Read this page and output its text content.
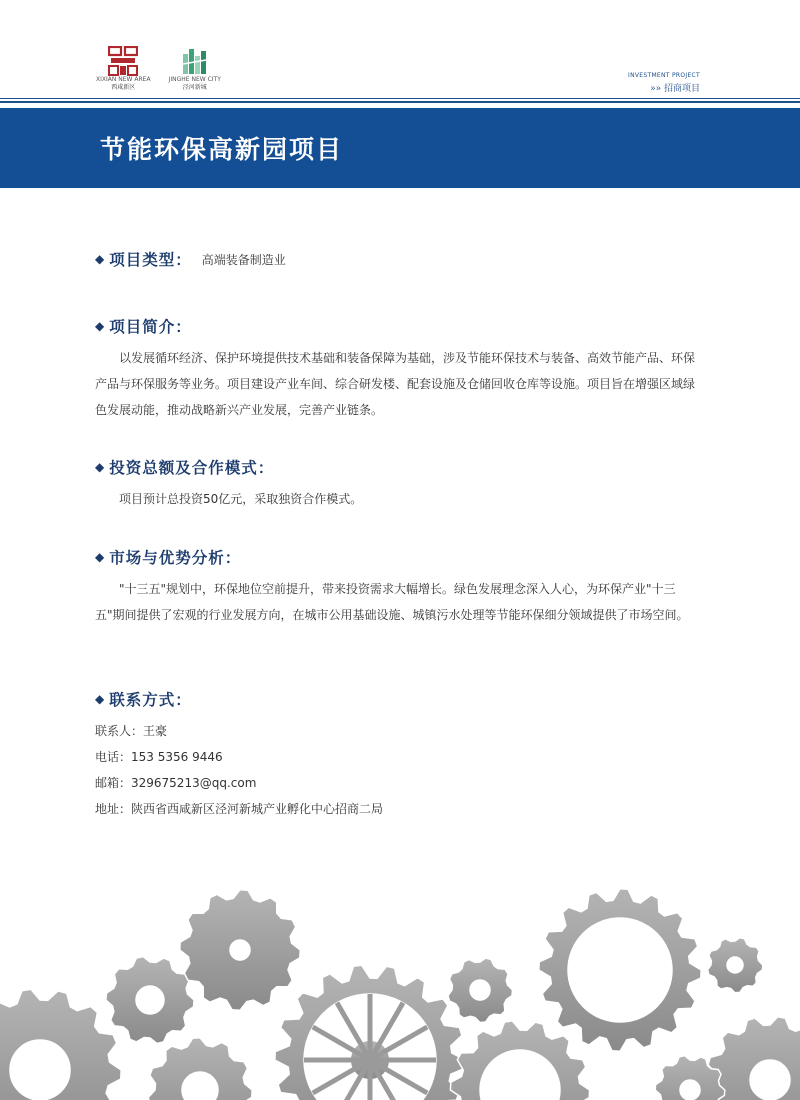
XIXIAN NEW AREA
西咸新区
JINGHE NEW CITY
泾河新城
INVESTMENT PROJECT
»» 招商项目
节能环保高新园项目
◆ 项目类型： 高端装备制造业
◆ 项目简介：

以发展循环经济、保护环境提供技术基础和装备保障为基础，涉及节能环保技术与装备、高效节能产品、环保产品与环保服务等业务。项目建设产业车间、综合研发楼、配套设施及仓储回收仓库等设施。项目旨在增强区域绿色发展动能，推动战略新兴产业发展，完善产业链条。

◆ 投资总额及合作模式：

项目预计总投资50亿元，采取独资合作模式。

◆ 市场与优势分析：

"十三五"规划中，环保地位空前提升，带来投资需求大幅增长。绿色发展理念深入人心，为环保产业"十三五"期间提供了宏观的行业发展方向，在城市公用基础设施、城镇污水处理等节能环保细分领域提供了市场空间。

◆ 联系方式：
联系人：王豪
电话：153 5356 9446
邮箱：329675213@qq.com
地址：陕西省西咸新区泾河新城产业孵化中心招商二局
